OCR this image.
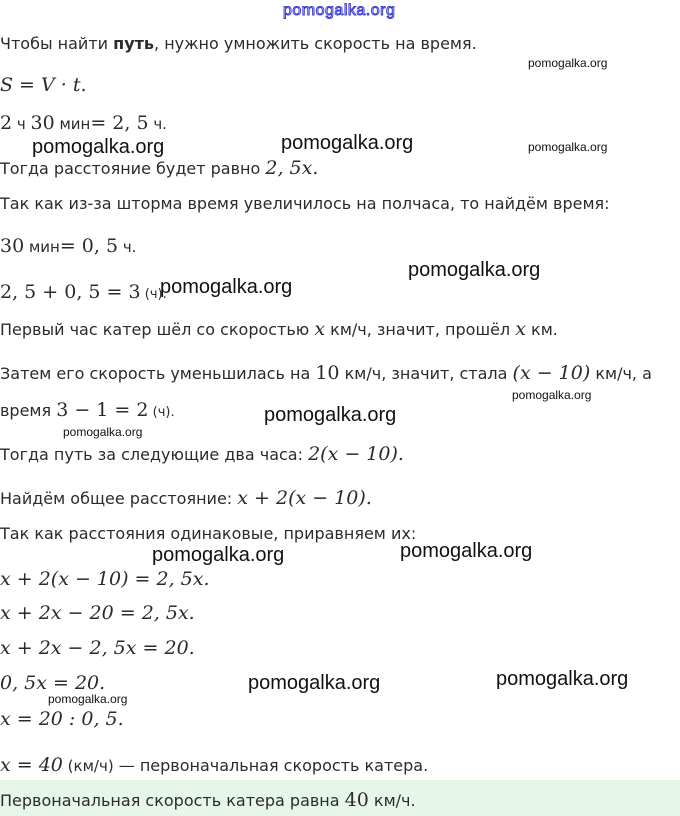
pomogalka.org
Чтобы найти путь, нужно умножить скорость на время.
S = V · t.
2 ч 30 мин= 2, 5 ч.
Тогда расстояние будет равно 2, 5x.
Так как из-за шторма время увеличилось на полчаса, то найдём время:
30 мин= 0, 5 ч.
2, 5 + 0, 5 = 3 (ч).
Первый час катер шёл со скоростью x км/ч, значит, прошёл x км.
Затем его скорость уменьшилась на 10 км/ч, значит, стала (x − 10) км/ч, а
время 3 − 1 = 2 (ч).
Тогда путь за следующие два часа: 2(x − 10).
Найдём общее расстояние: x + 2(x − 10).
Так как расстояния одинаковые, приравняем их:
x + 2(x − 10) = 2, 5x.
x + 2x − 20 = 2, 5x.
x + 2x − 2, 5x = 20.
0, 5x = 20.
x = 20 : 0, 5.
x = 40 (км/ч) — первоначальная скорость катера.
Первоначальная скорость катера равна 40 км/ч.
pomogalka.org
pomogalka.org	pomogalka.org	pomogalka.org
pomogalka.org
pomogalka.org
pomogalka.org
pomogalka.org
pomogalka.org
pomogalka.org
pomogalka.org
pomogalka.org
pomogalka.org
pomogalka.org
